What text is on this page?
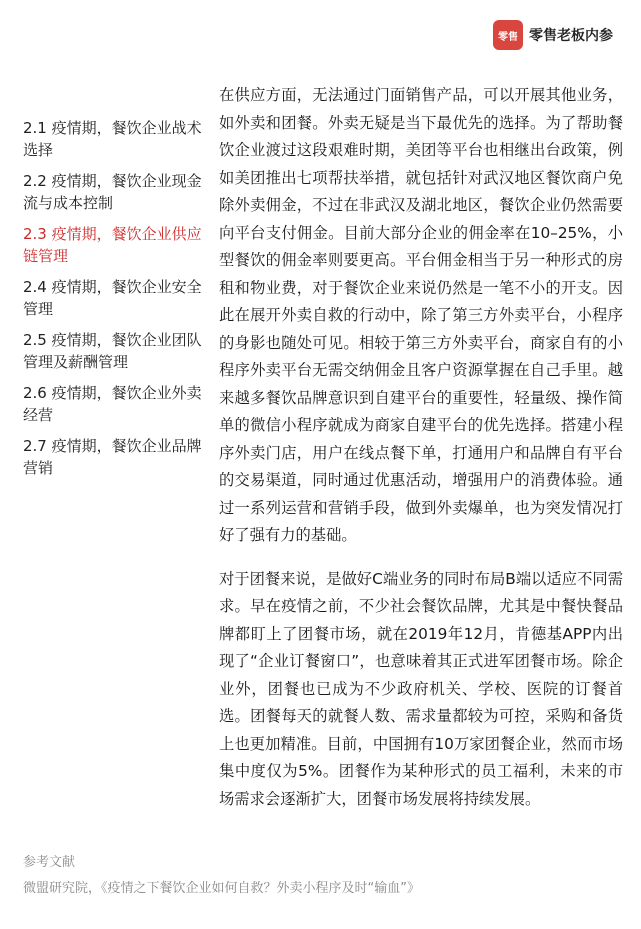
零售 零售老板内参
2.1 疫情期，餐饮企业战术选择
2.2 疫情期，餐饮企业现金流与成本控制
2.3 疫情期，餐饮企业供应链管理
2.4 疫情期，餐饮企业安全管理
2.5 疫情期，餐饮企业团队管理及薪酬管理
2.6 疫情期，餐饮企业外卖经营
2.7 疫情期，餐饮企业品牌营销

在供应方面，无法通过门面销售产品，可以开展其他业务，如外卖和团餐。外卖无疑是当下最优先的选择。为了帮助餐饮企业渡过这段艰难时期，美团等平台也相继出台政策，例如美团推出七项帮扶举措，就包括针对武汉地区餐饮商户免除外卖佣金，不过在非武汉及湖北地区，餐饮企业仍然需要向平台支付佣金。目前大部分企业的佣金率在10–25%，小型餐饮的佣金率则要更高。平台佣金相当于另一种形式的房租和物业费，对于餐饮企业来说仍然是一笔不小的开支。因此在展开外卖自救的行动中，除了第三方外卖平台，小程序的身影也随处可见。相较于第三方外卖平台，商家自有的小程序外卖平台无需交纳佣金且客户资源掌握在自己手里。越来越多餐饮品牌意识到自建平台的重要性，轻量级、操作简单的微信小程序就成为商家自建平台的优先选择。搭建小程序外卖门店，用户在线点餐下单，打通用户和品牌自有平台的交易渠道，同时通过优惠活动，增强用户的消费体验。通过一系列运营和营销手段，做到外卖爆单，也为突发情况打好了强有力的基础。

对于团餐来说，是做好C端业务的同时布局B端以适应不同需求。早在疫情之前，不少社会餐饮品牌，尤其是中餐快餐品牌都盯上了团餐市场，就在2019年12月，肯德基APP内出现了“企业订餐窗口”，也意味着其正式进军团餐市场。除企业外，团餐也已成为不少政府机关、学校、医院的订餐首选。团餐每天的就餐人数、需求量都较为可控，采购和备货上也更加精准。目前，中国拥有10万家团餐企业，然而市场集中度仅为5%。团餐作为某种形式的员工福利，未来的市场需求会逐渐扩大，团餐市场发展将持续发展。

参考文献
微盟研究院，《疫情之下餐饮企业如何自救？外卖小程序及时“输血”》
